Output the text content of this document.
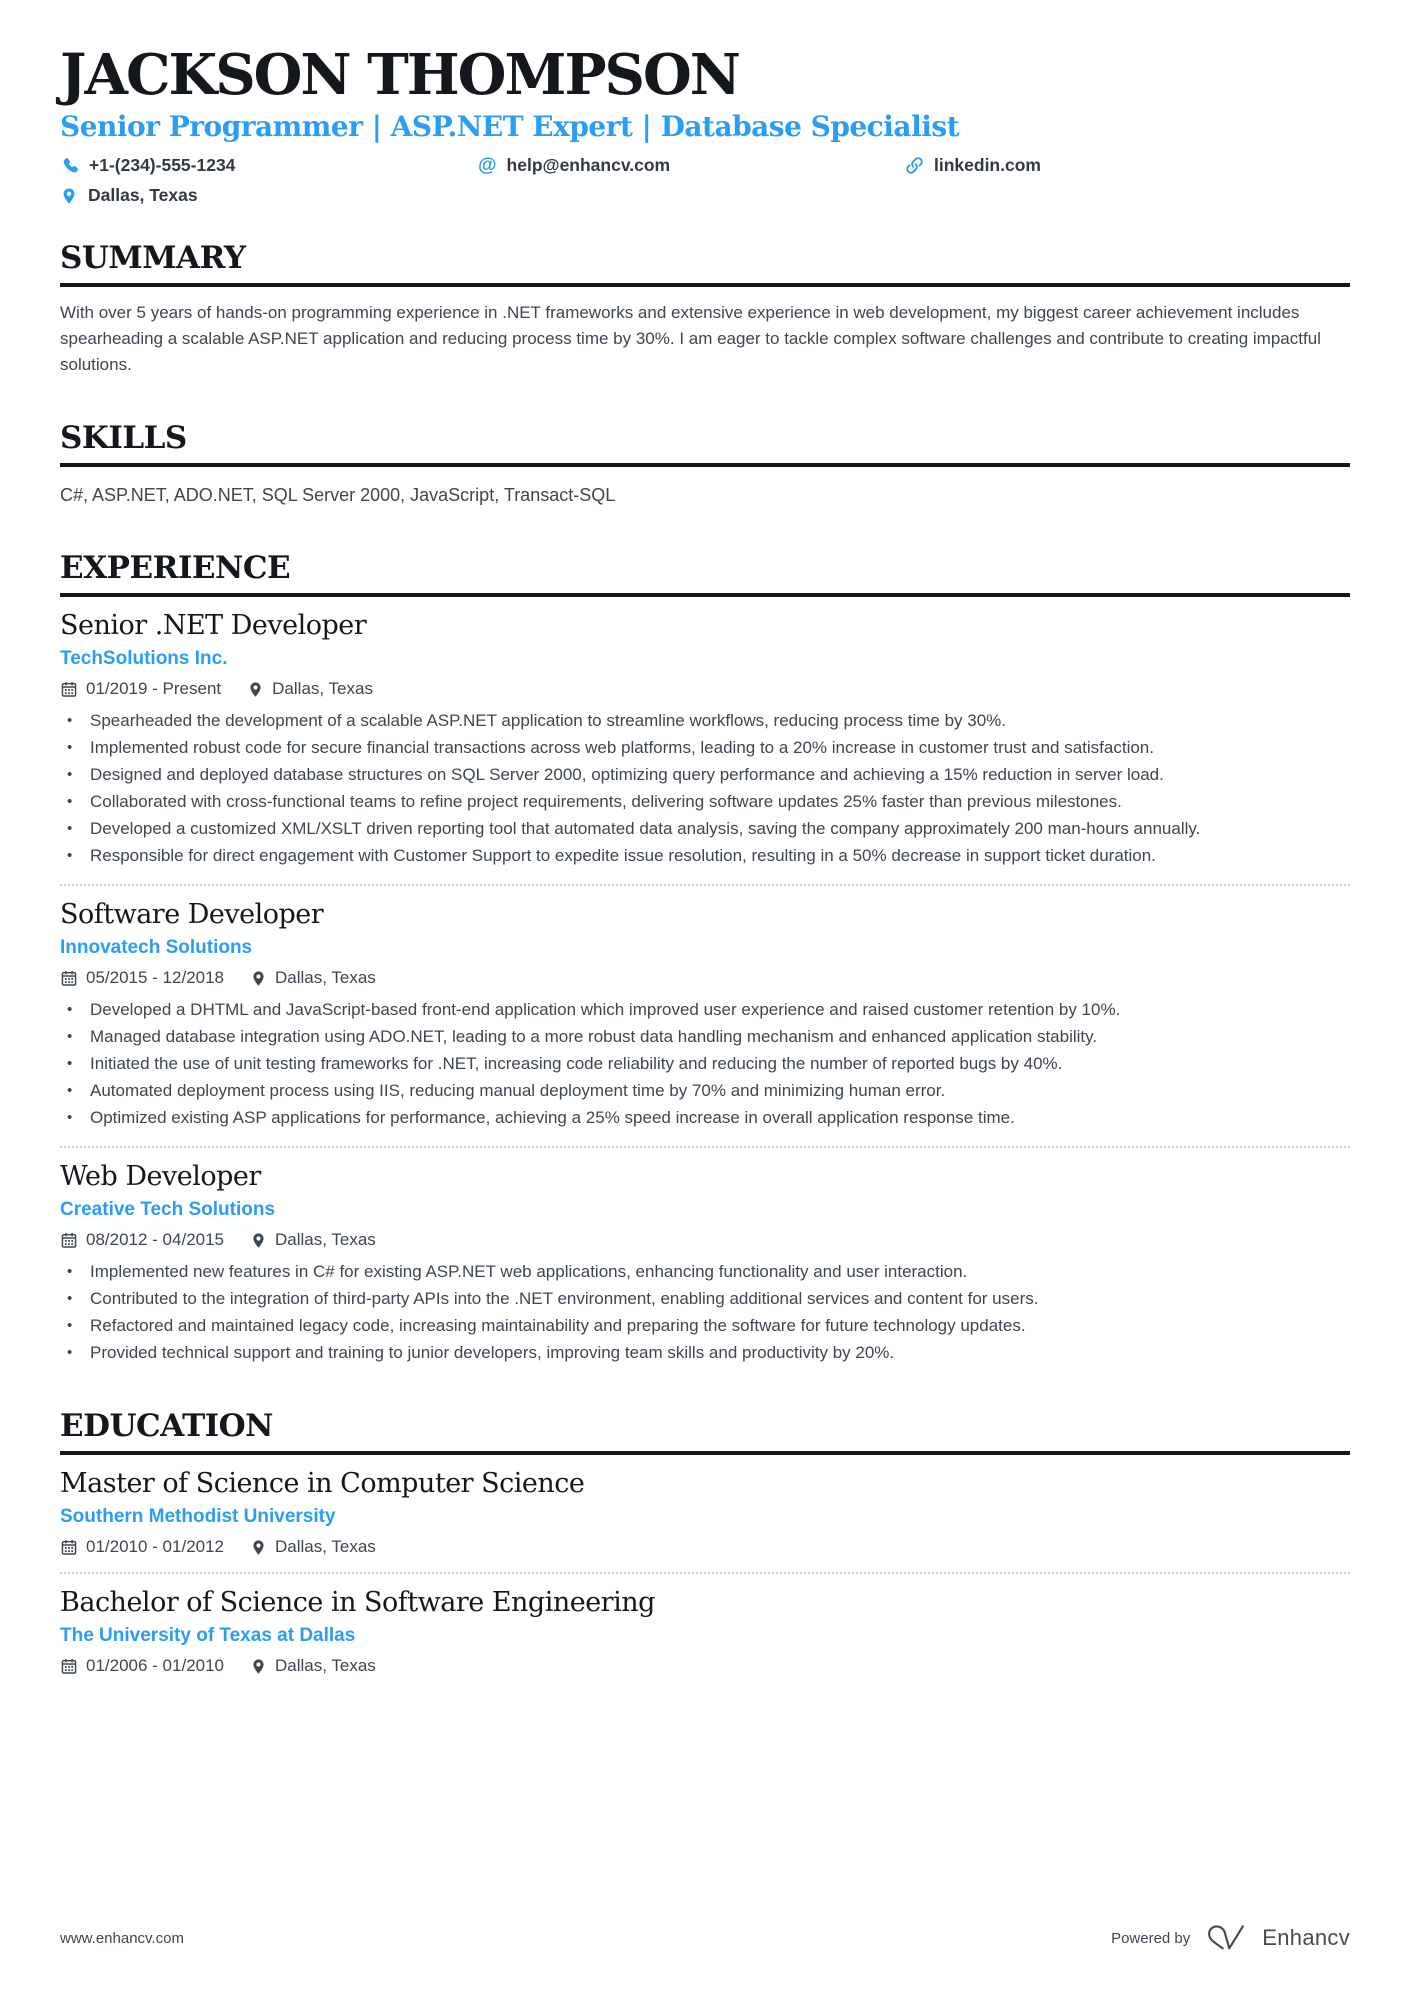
JACKSON THOMPSON
Senior Programmer | ASP.NET Expert | Database Specialist
+1-(234)-555-1234	@ help@enhancv.com	linkedin.com
Dallas, Texas
SUMMARY

With over 5 years of hands-on programming experience in .NET frameworks and extensive experience in web development, my biggest career achievement includes spearheading a scalable ASP.NET application and reducing process time by 30%. I am eager to tackle complex software challenges and contribute to creating impactful solutions.

SKILLS

C#, ASP.NET, ADO.NET, SQL Server 2000, JavaScript, Transact-SQL

EXPERIENCE
Senior .NET Developer
TechSolutions Inc.
01/2019 - Present	Dallas, Texas
• Spearheaded the development of a scalable ASP.NET application to streamline workflows, reducing process time by 30%.
• Implemented robust code for secure financial transactions across web platforms, leading to a 20% increase in customer trust and satisfaction.
• Designed and deployed database structures on SQL Server 2000, optimizing query performance and achieving a 15% reduction in server load.
• Collaborated with cross-functional teams to refine project requirements, delivering software updates 25% faster than previous milestones.
• Developed a customized XML/XSLT driven reporting tool that automated data analysis, saving the company approximately 200 man-hours annually.
• Responsible for direct engagement with Customer Support to expedite issue resolution, resulting in a 50% decrease in support ticket duration.
Software Developer
Innovatech Solutions
05/2015 - 12/2018	Dallas, Texas
• Developed a DHTML and JavaScript-based front-end application which improved user experience and raised customer retention by 10%.
• Managed database integration using ADO.NET, leading to a more robust data handling mechanism and enhanced application stability.
• Initiated the use of unit testing frameworks for .NET, increasing code reliability and reducing the number of reported bugs by 40%.
• Automated deployment process using IIS, reducing manual deployment time by 70% and minimizing human error.
• Optimized existing ASP applications for performance, achieving a 25% speed increase in overall application response time.
Web Developer
Creative Tech Solutions
08/2012 - 04/2015	Dallas, Texas
• Implemented new features in C# for existing ASP.NET web applications, enhancing functionality and user interaction.
• Contributed to the integration of third-party APIs into the .NET environment, enabling additional services and content for users.
• Refactored and maintained legacy code, increasing maintainability and preparing the software for future technology updates.
• Provided technical support and training to junior developers, improving team skills and productivity by 20%.
EDUCATION
Master of Science in Computer Science
Southern Methodist University
01/2010 - 01/2012	Dallas, Texas
Bachelor of Science in Software Engineering
The University of Texas at Dallas
01/2006 - 01/2010	Dallas, Texas
www.enhancv.com	Powered by	Enhancv
